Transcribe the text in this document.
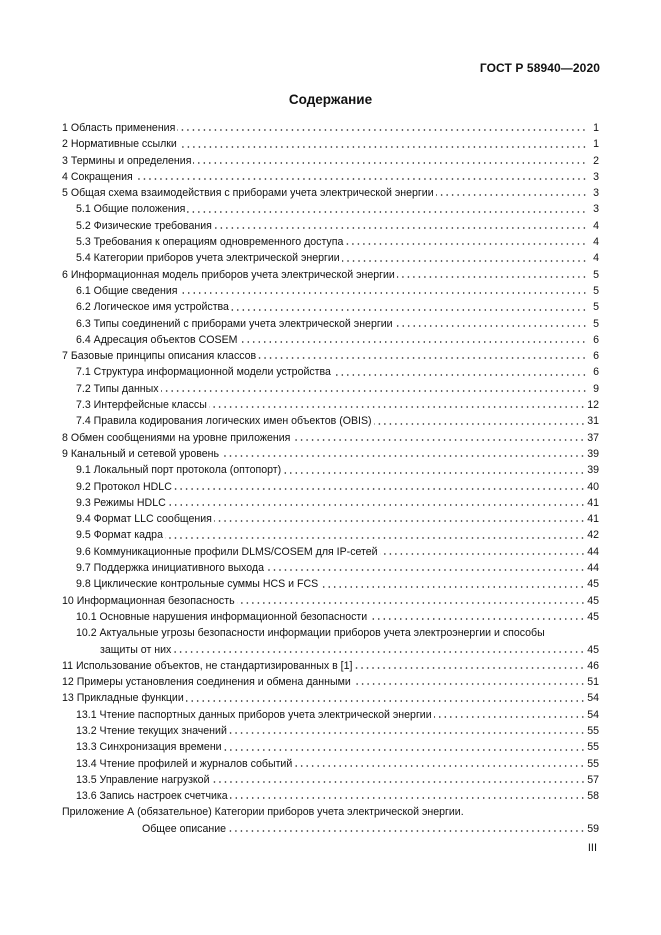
ГОСТ Р 58940—2020
Содержание
1 Область применения	1
2 Нормативные ссылки	1
3 Термины и определения	2
4 Сокращения	3
5 Общая схема взаимодействия с приборами учета электрической энергии	3
5.1 Общие положения	3
5.2 Физические требования	4
5.3 Требования к операциям одновременного доступа	4
5.4 Категории приборов учета электрической энергии	4
6 Информационная модель приборов учета электрической энергии	5
6.1 Общие сведения	5
6.2 Логическое имя устройства	5
6.3 Типы соединений с приборами учета электрической энергии	5
6.4 Адресация объектов COSEM	6
7 Базовые принципы описания классов	6
7.1 Структура информационной модели устройства	6
7.2 Типы данных	9
7.3 Интерфейсные классы	12
7.4 Правила кодирования логических имен объектов (OBIS)	31
8 Обмен сообщениями на уровне приложения	37
9 Канальный и сетевой уровень	39
9.1 Локальный порт протокола (оптопорт)	39
9.2 Протокол HDLC	40
9.3 Режимы HDLC	41
9.4 Формат LLC сообщения	41
9.5 Формат кадра	42
9.6 Коммуникационные профили DLMS/COSEM для IP-сетей	44
9.7 Поддержка инициативного выхода	44
9.8 Циклические контрольные суммы HCS и FCS	45
10 Информационная безопасность	45
10.1 Основные нарушения информационной безопасности	45
10.2 Актуальные угрозы безопасности информации приборов учета электроэнергии и способы
защиты от них	45
11 Использование объектов, не стандартизированных в [1]	46
12 Примеры установления соединения и обмена данными	51
13 Прикладные функции	54
13.1 Чтение паспортных данных приборов учета электрической энергии	54
13.2 Чтение текущих значений	55
13.3 Синхронизация времени	55
13.4 Чтение профилей и журналов событий	55
13.5 Управление нагрузкой	57
13.6 Запись настроек счетчика	58
Приложение А (обязательное) Категории приборов учета электрической энергии.
Общее описание	59
III
